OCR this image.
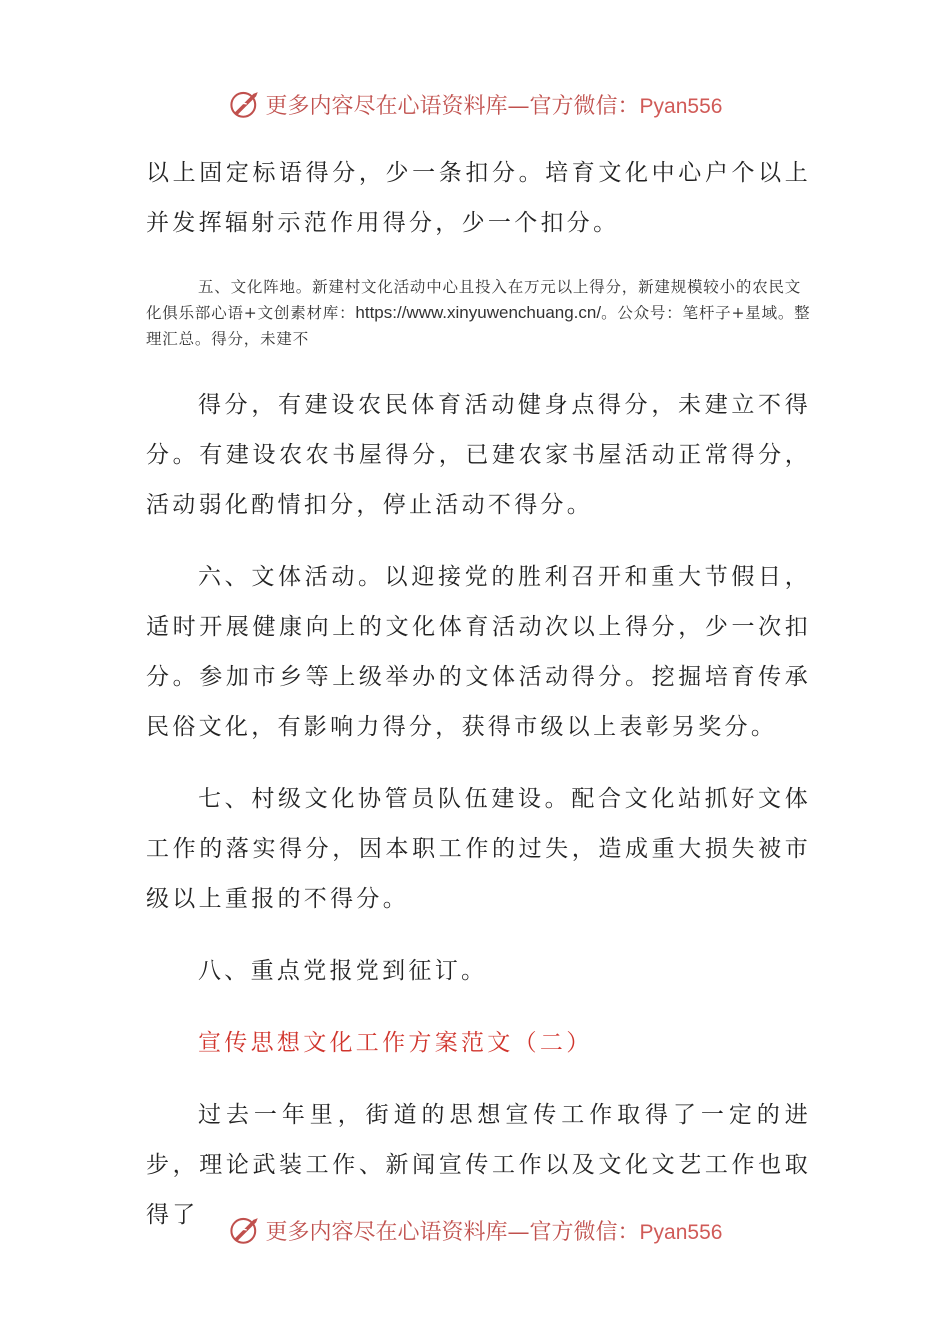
更多内容尽在心语资料库—官方微信：Pyan556

以上固定标语得分，少一条扣分。培育文化中心户个以上并发挥辐射示范作用得分，少一个扣分。

五、文化阵地。新建村文化活动中心且投入在万元以上得分，新建规模较小的农民文化俱乐部心语+文创素材库：https://www.xinyuwenchuang.cn/。公众号：笔杆子+星域。整理汇总。得分，未建不

得分，有建设农民体育活动健身点得分，未建立不得分。有建设农农书屋得分，已建农家书屋活动正常得分，活动弱化酌情扣分，停止活动不得分。

六、文体活动。以迎接党的胜利召开和重大节假日，适时开展健康向上的文化体育活动次以上得分，少一次扣分。参加市乡等上级举办的文体活动得分。挖掘培育传承民俗文化，有影响力得分，获得市级以上表彰另奖分。

七、村级文化协管员队伍建设。配合文化站抓好文体工作的落实得分，因本职工作的过失，造成重大损失被市级以上重报的不得分。

八、重点党报党到征订。

宣传思想文化工作方案范文（二）

过去一年里，街道的思想宣传工作取得了一定的进步，理论武装工作、新闻宣传工作以及文化文艺工作也取得了

更多内容尽在心语资料库—官方微信：Pyan556
